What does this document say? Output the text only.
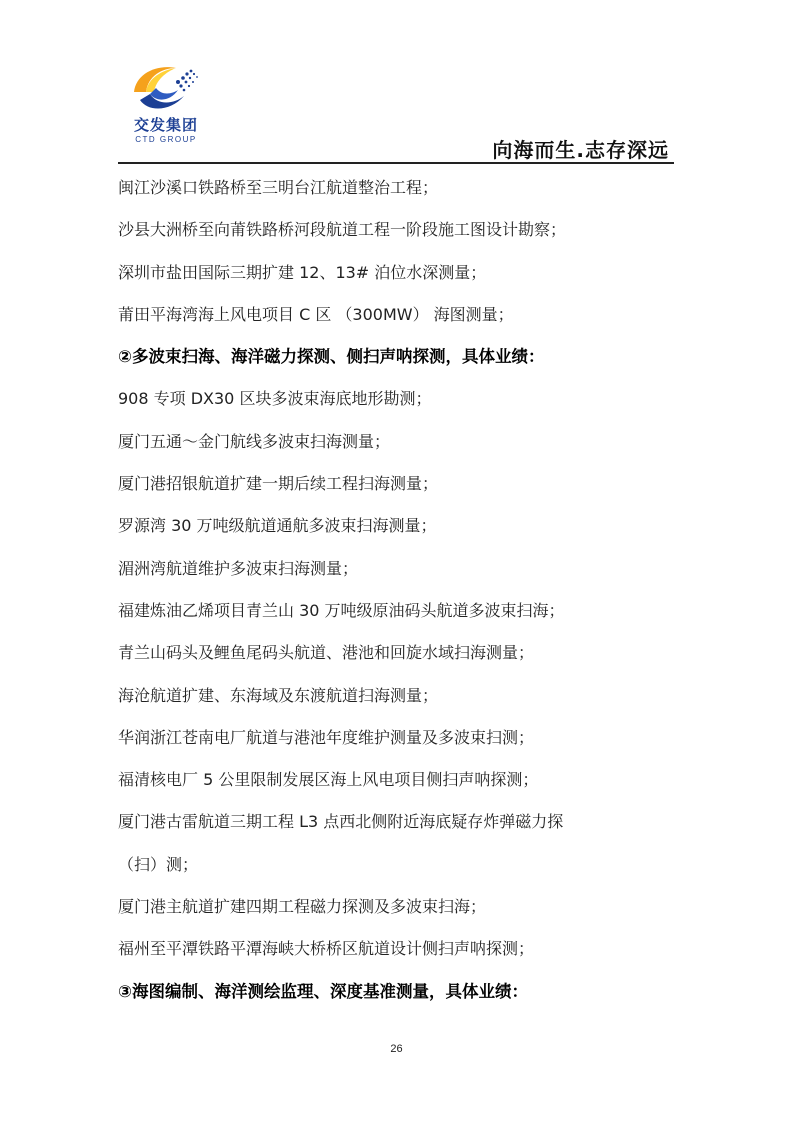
交发集团
CTD GROUP	向海而生.志存深远
闽江沙溪口铁路桥至三明台江航道整治工程；
沙县大洲桥至向莆铁路桥河段航道工程一阶段施工图设计勘察；
深圳市盐田国际三期扩建 12、13# 泊位水深测量；
莆田平海湾海上风电项目 C 区 （300MW） 海图测量；
②多波束扫海、海洋磁力探测、侧扫声呐探测，具体业绩：
908 专项 DX30 区块多波束海底地形勘测；
厦门五通～金门航线多波束扫海测量；
厦门港招银航道扩建一期后续工程扫海测量；
罗源湾 30 万吨级航道通航多波束扫海测量；
湄洲湾航道维护多波束扫海测量；
福建炼油乙烯项目青兰山 30 万吨级原油码头航道多波束扫海；
青兰山码头及鲤鱼尾码头航道、港池和回旋水域扫海测量；
海沧航道扩建、东海域及东渡航道扫海测量；
华润浙江苍南电厂航道与港池年度维护测量及多波束扫测；
福清核电厂 5 公里限制发展区海上风电项目侧扫声呐探测；
厦门港古雷航道三期工程 L3 点西北侧附近海底疑存炸弹磁力探
（扫）测；
厦门港主航道扩建四期工程磁力探测及多波束扫海；
福州至平潭铁路平潭海峡大桥桥区航道设计侧扫声呐探测；
③海图编制、海洋测绘监理、深度基准测量，具体业绩：
26
